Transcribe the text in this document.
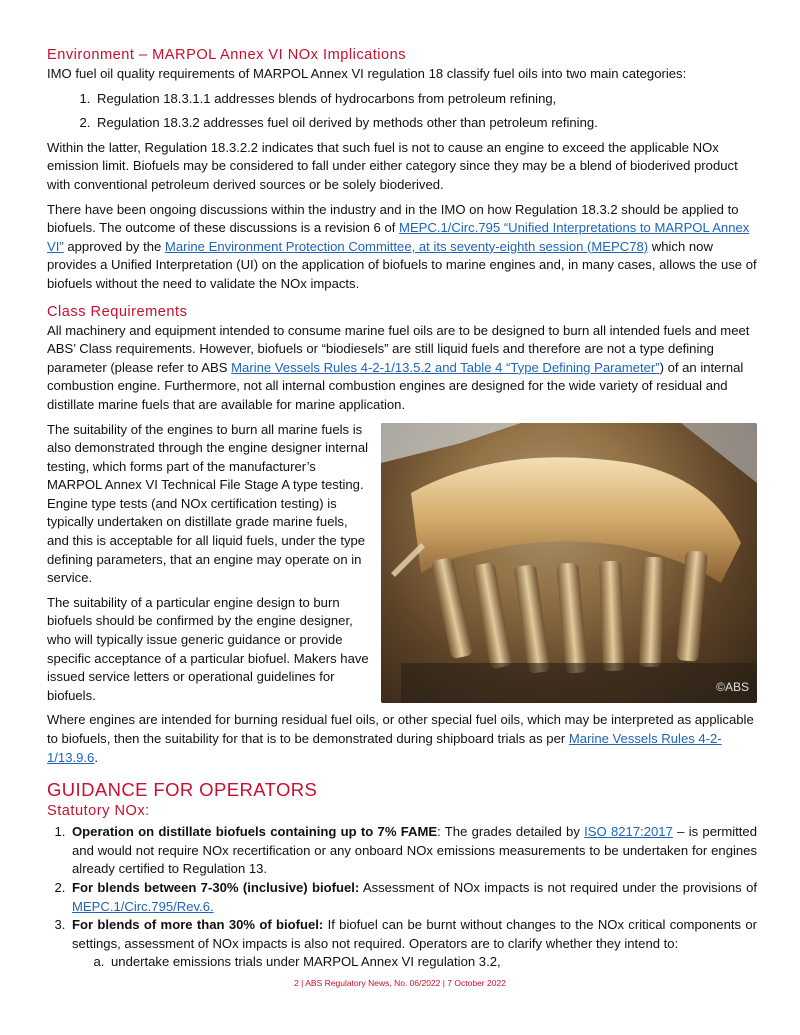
Environment – MARPOL Annex VI NOx Implications

IMO fuel oil quality requirements of MARPOL Annex VI regulation 18 classify fuel oils into two main categories:

1. Regulation 18.3.1.1 addresses blends of hydrocarbons from petroleum refining,
2. Regulation 18.3.2 addresses fuel oil derived by methods other than petroleum refining.

Within the latter, Regulation 18.3.2.2 indicates that such fuel is not to cause an engine to exceed the applicable NOx emission limit. Biofuels may be considered to fall under either category since they may be a blend of bioderived product with conventional petroleum derived sources or be solely bioderived.

There have been ongoing discussions within the industry and in the IMO on how Regulation 18.3.2 should be applied to biofuels. The outcome of these discussions is a revision 6 of MEPC.1/Circ.795 “Unified Interpretations to MARPOL Annex VI” approved by the Marine Environment Protection Committee, at its seventy-eighth session (MEPC78) which now provides a Unified Interpretation (UI) on the application of biofuels to marine engines and, in many cases, allows the use of biofuels without the need to validate the NOx impacts.

Class Requirements

All machinery and equipment intended to consume marine fuel oils are to be designed to burn all intended fuels and meet ABS’ Class requirements. However, biofuels or “biodiesels” are still liquid fuels and therefore are not a type defining parameter (please refer to ABS Marine Vessels Rules 4-2-1/13.5.2 and Table 4 “Type Defining Parameter”) of an internal combustion engine. Furthermore, not all internal combustion engines are designed for the wide variety of residual and distillate marine fuels that are available for marine application.

©ABS

The suitability of the engines to burn all marine fuels is also demonstrated through the engine designer internal testing, which forms part of the manufacturer’s MARPOL Annex VI Technical File Stage A type testing. Engine type tests (and NOx certification testing) is typically undertaken on distillate grade marine fuels, and this is acceptable for all liquid fuels, under the type defining parameters, that an engine may operate on in service.

The suitability of a particular engine design to burn biofuels should be confirmed by the engine designer, who will typically issue generic guidance or provide specific acceptance of a particular biofuel. Makers have issued service letters or operational guidelines for biofuels.

Where engines are intended for burning residual fuel oils, or other special fuel oils, which may be interpreted as applicable to biofuels, then the suitability for that is to be demonstrated during shipboard trials as per Marine Vessels Rules 4-2-1/13.9.6.

GUIDANCE FOR OPERATORS
Statutory NOx:
1. Operation on distillate biofuels containing up to 7% FAME: The grades detailed by ISO 8217:2017 – is permitted and would not require NOx recertification or any onboard NOx emissions measurements to be undertaken for engines already certified to Regulation 13.
2. For blends between 7-30% (inclusive) biofuel: Assessment of NOx impacts is not required under the provisions of MEPC.1/Circ.795/Rev.6.
3. For blends of more than 30% of biofuel: If biofuel can be burnt without changes to the NOx critical components or settings, assessment of NOx impacts is also not required. Operators are to clarify whether they intend to:
a. undertake emissions trials under MARPOL Annex VI regulation 3.2,
2 | ABS Regulatory News, No. 06/2022 | 7 October 2022
